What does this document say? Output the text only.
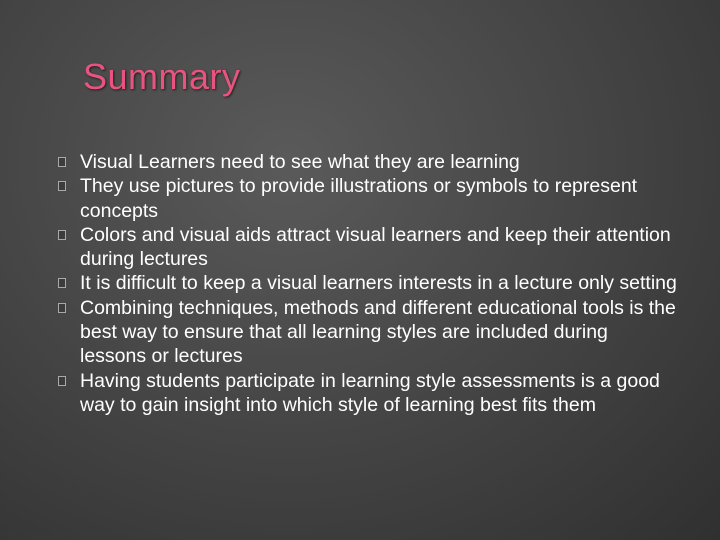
Summary
Visual Learners need to see what they are learning
They use pictures to provide illustrations or symbols to represent concepts
Colors and visual aids attract visual learners and keep their attention during lectures
It is difficult to keep a visual learners interests in a lecture only setting
Combining techniques, methods and different educational tools is the best way to ensure that all learning styles are included during lessons or lectures
Having students participate in learning style assessments is a good way to gain insight into which style of learning best fits them
